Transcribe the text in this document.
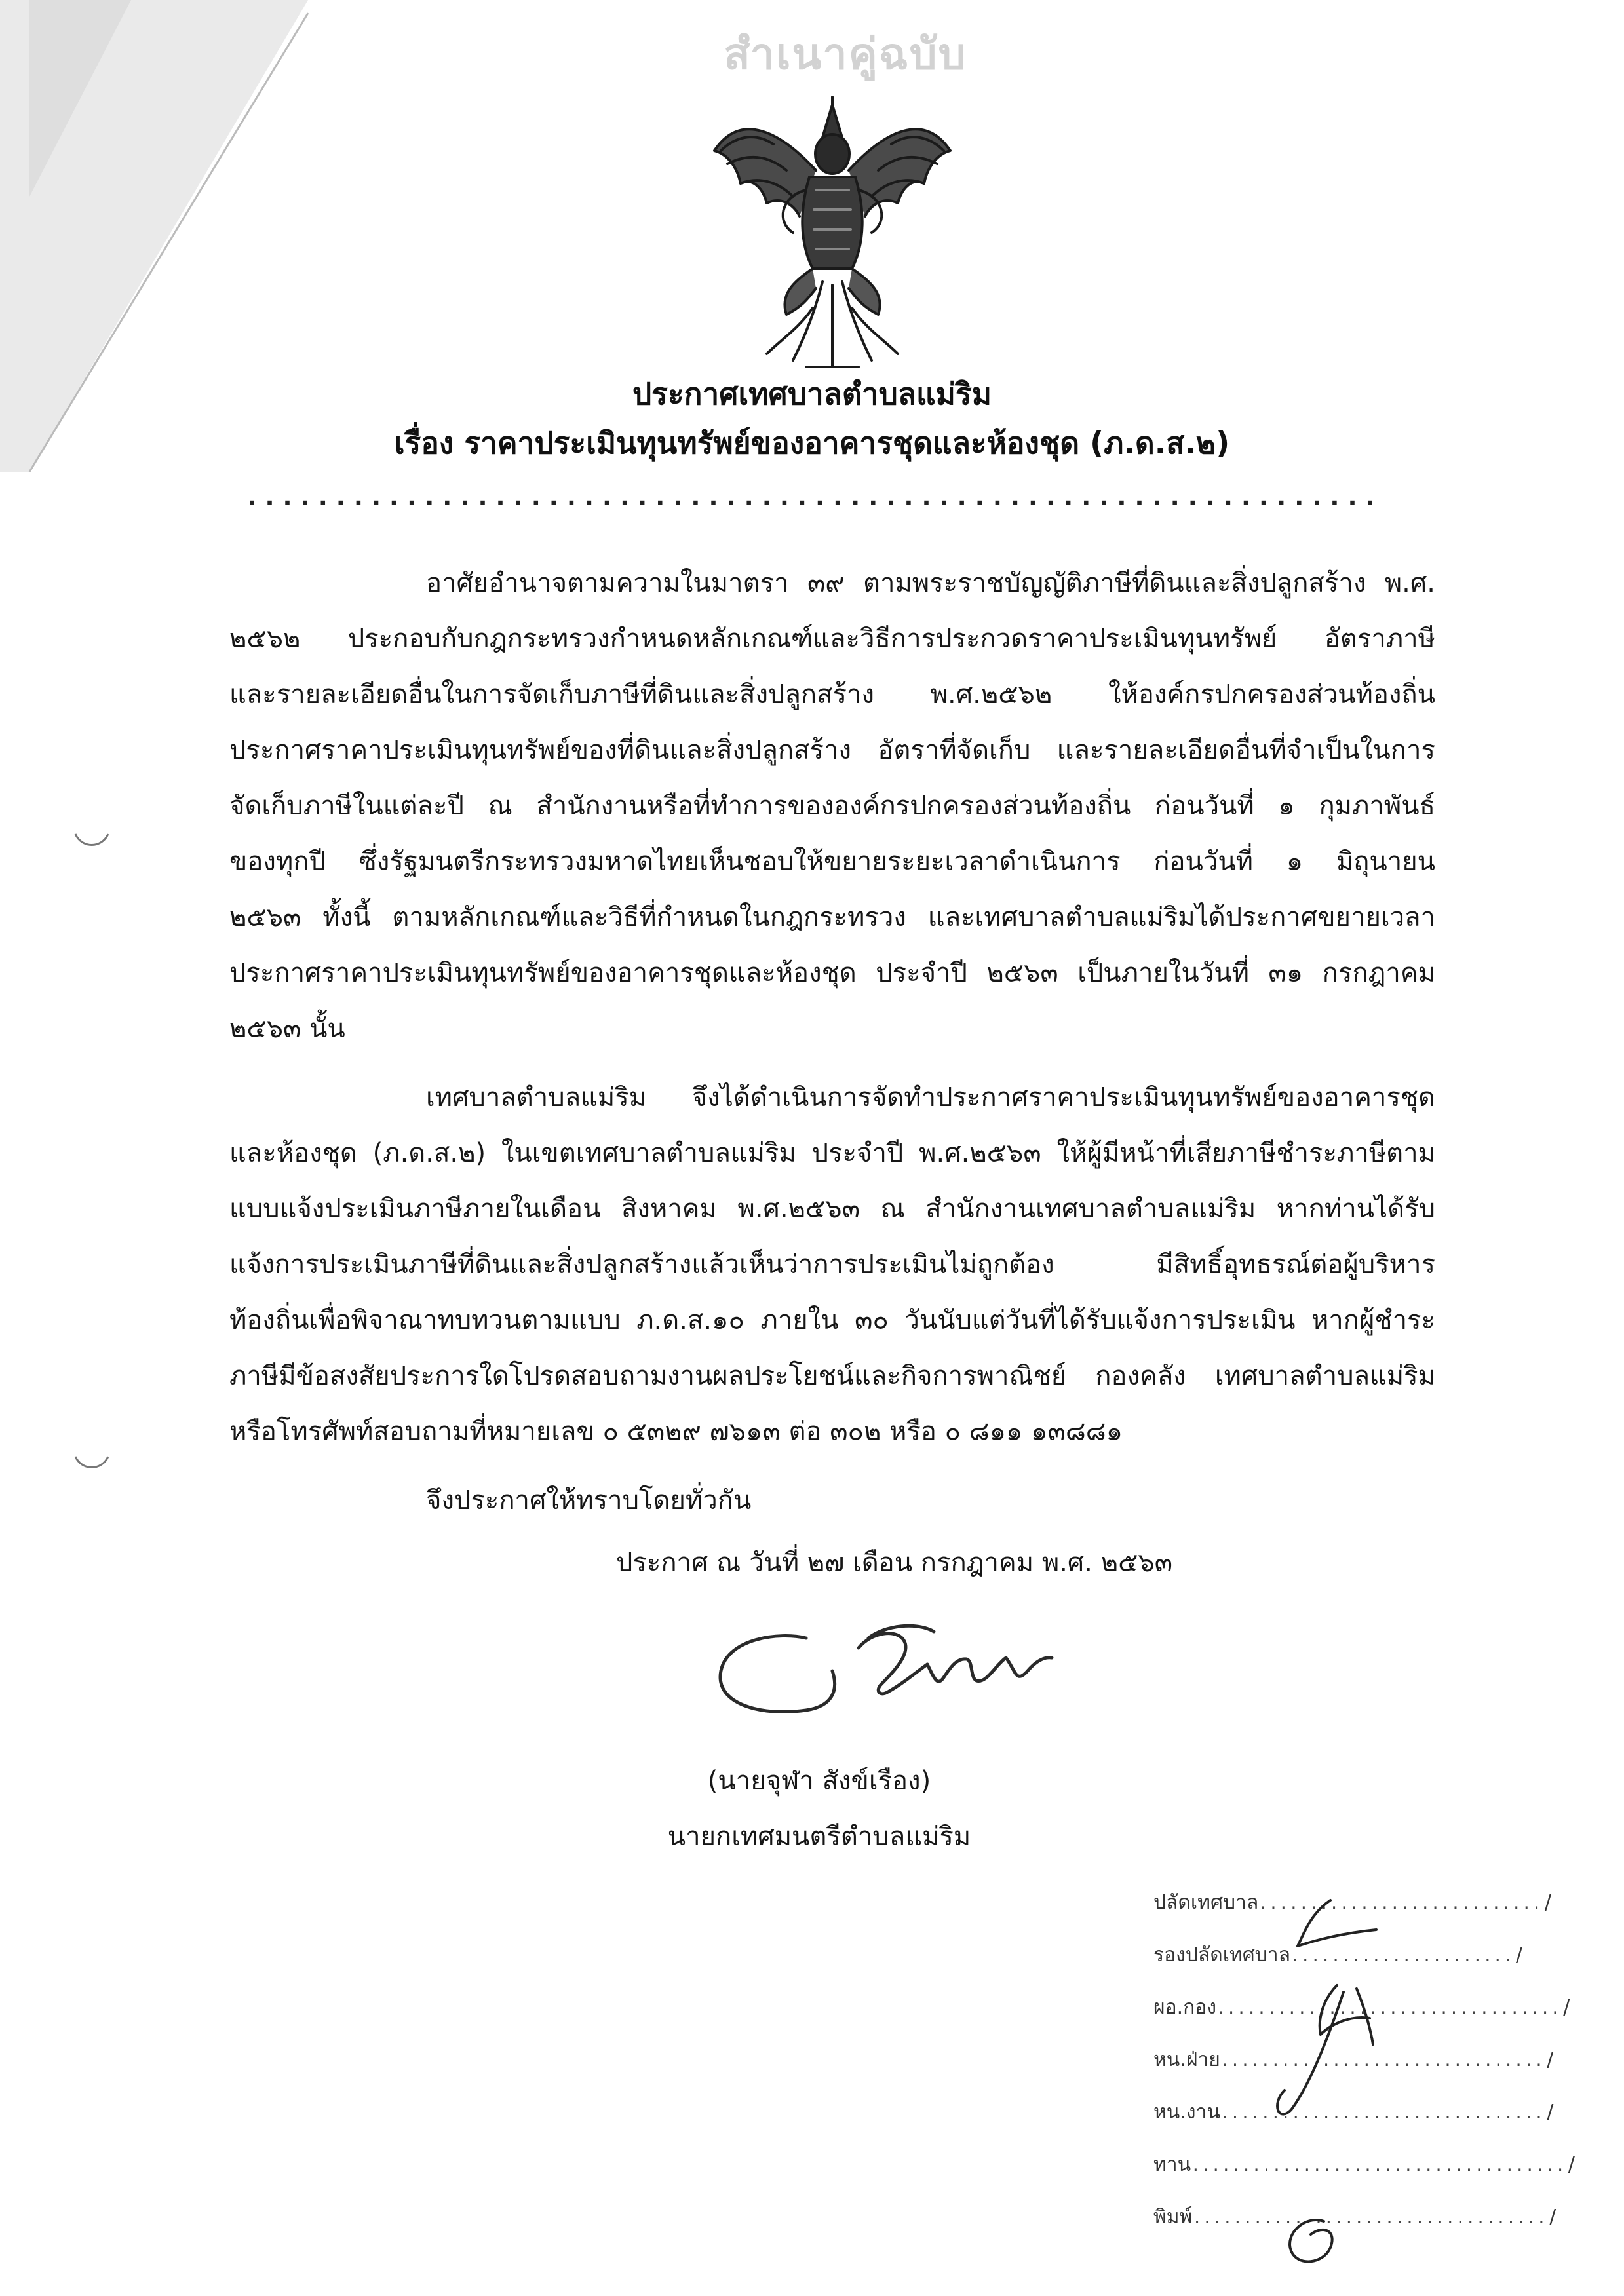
สำเนาคู่ฉบับ
ประกาศเทศบาลตำบลแม่ริม
เรื่อง ราคาประเมินทุนทรัพย์ของอาคารชุดและห้องชุด (ภ.ด.ส.๒)
................................................................
อาศัยอำนาจตามความในมาตรา ๓๙ ตามพระราชบัญญัติภาษีที่ดินและสิ่งปลูกสร้าง พ.ศ.
๒๕๖๒ ประกอบกับกฎกระทรวงกำหนดหลักเกณฑ์และวิธีการประกวดราคาประเมินทุนทรัพย์ อัตราภาษี
และรายละเอียดอื่นในการจัดเก็บภาษีที่ดินและสิ่งปลูกสร้าง พ.ศ.๒๕๖๒ ให้องค์กรปกครองส่วนท้องถิ่น
ประกาศราคาประเมินทุนทรัพย์ของที่ดินและสิ่งปลูกสร้าง อัตราที่จัดเก็บ และรายละเอียดอื่นที่จำเป็นในการ
จัดเก็บภาษีในแต่ละปี ณ สำนักงานหรือที่ทำการขององค์กรปกครองส่วนท้องถิ่น ก่อนวันที่ ๑ กุมภาพันธ์
ของทุกปี ซึ่งรัฐมนตรีกระทรวงมหาดไทยเห็นชอบให้ขยายระยะเวลาดำเนินการ ก่อนวันที่ ๑ มิถุนายน
๒๕๖๓ ทั้งนี้ ตามหลักเกณฑ์และวิธีที่กำหนดในกฎกระทรวง และเทศบาลตำบลแม่ริมได้ประกาศขยายเวลา
ประกาศราคาประเมินทุนทรัพย์ของอาคารชุดและห้องชุด ประจำปี ๒๕๖๓ เป็นภายในวันที่ ๓๑ กรกฎาคม
๒๕๖๓ นั้น
เทศบาลตำบลแม่ริม จึงได้ดำเนินการจัดทำประกาศราคาประเมินทุนทรัพย์ของอาคารชุด
และห้องชุด (ภ.ด.ส.๒) ในเขตเทศบาลตำบลแม่ริม ประจำปี พ.ศ.๒๕๖๓ ให้ผู้มีหน้าที่เสียภาษีชำระภาษีตาม
แบบแจ้งประเมินภาษีภายในเดือน สิงหาคม พ.ศ.๒๕๖๓ ณ สำนักงานเทศบาลตำบลแม่ริม หากท่านได้รับ
แจ้งการประเมินภาษีที่ดินและสิ่งปลูกสร้างแล้วเห็นว่าการประเมินไม่ถูกต้อง มีสิทธิ์อุทธรณ์ต่อผู้บริหาร
ท้องถิ่นเพื่อพิจาณาทบทวนตามแบบ ภ.ด.ส.๑๐ ภายใน ๓๐ วันนับแต่วันที่ได้รับแจ้งการประเมิน หากผู้ชำระ
ภาษีมีข้อสงสัยประการใดโปรดสอบถามงานผลประโยชน์และกิจการพาณิชย์ กองคลัง เทศบาลตำบลแม่ริม
หรือโทรศัพท์สอบถามที่หมายเลข ๐ ๕๓๒๙ ๗๖๑๓ ต่อ ๓๐๒ หรือ ๐ ๘๑๑ ๑๓๘๘๑
จึงประกาศให้ทราบโดยทั่วกัน
ประกาศ ณ วันที่ ๒๗ เดือน กรกฎาคม พ.ศ. ๒๕๖๓
(นายจุฬา สังข์เรือง)
นายกเทศมนตรีตำบลแม่ริม
ปลัดเทศบาล............................ /
รองปลัดเทศบาล...................... /
ผอ.กอง.................................. /
หน.ฝ่าย................................ /
หน.งาน................................ /
ทาน..................................... /
พิมพ์................................... /
